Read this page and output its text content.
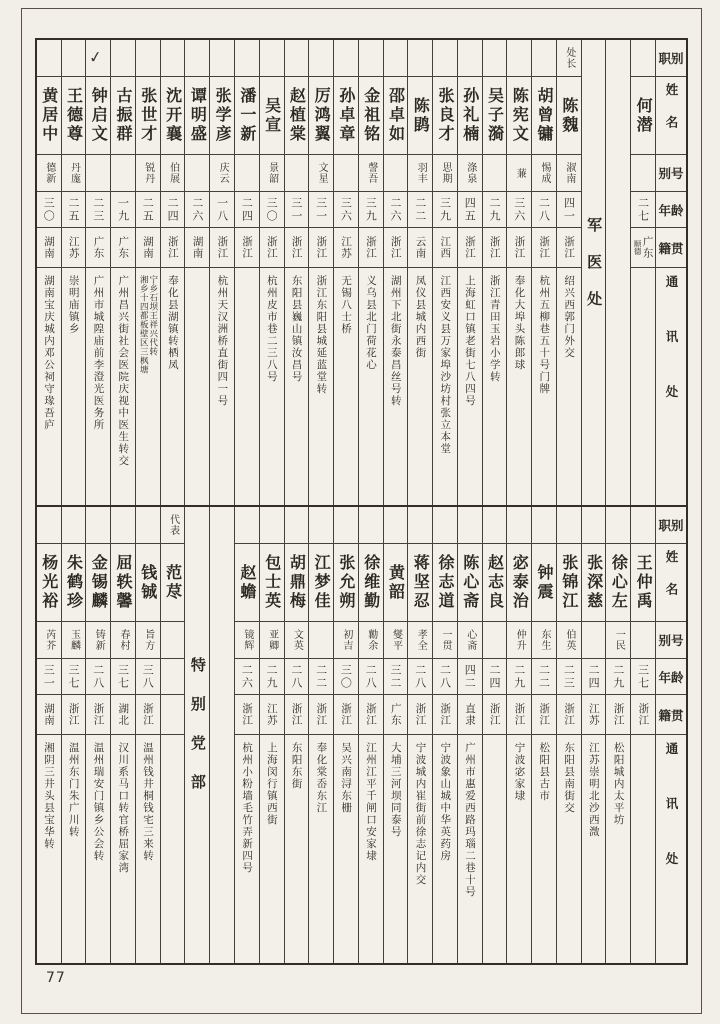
职别
姓名
别号
年龄
籍贯
通讯处
何潜
二七
广东
顺德
军医处
处长
陈魏
淑南
四一
浙江
绍兴西郭门外交
胡曾镛
惕成
二八
浙江
杭州五柳巷五十号门牌
陈宪文
蒹
三六
浙江
奉化大埠头陈郎球
吴子漪
二九
浙江
浙江青田玉岩小学转
孙礼楠
涤泉
四五
浙江
上海虹口镇老街七八四号
张良才
思期
三九
江西
江西安义县万家埠沙坊村张立本堂
陈鹍
羽丰
二二
云南
凤仪县城内西街
邵卓如
二六
浙江
湖州下北街永泰昌丝号转
金祖铭
謦吾
三九
浙江
义乌县北门荷花心
孙卓章
三六
江苏
无锡八士桥
厉鸿翼
文星
三一
浙江
浙江东阳县城延蓝堂转
赵植棠
三一
浙江
东阳县巍山镇汝昌号
吴宣
景韶
三〇
浙江
杭州皮市巷二三八号
潘一新
二四
浙江
张学彦
庆云
一八
浙江
杭州天汉洲桥直街四一号
谭明盛
二六
湖南
沈开襄
伯展
二四
浙江
奉化县湖镇转栖凤
张世才
锐丹
二五
湖南
宁乡石坝王祥兴代转
湘乡十四都板壁区三枫塘
古振群
一九
广东
广州昌兴街社会医院庆视中医生转交
✓
钟启文
二三
广东
广州市城隍庙前李澄光医务所
王德尊
丹庬
二五
江苏
崇明庙镇乡
黄居中
德新
三〇
湖南
湖南宝庆城内邓公祠守瑑吾庐
职别
姓名
别号
年龄
籍贯
通讯处
王仲禹
三七
浙江
徐心左
一民
二九
浙江
松阳城内太平坊
张深慈
二四
江苏
江苏崇明北沙西溦
张锦江
伯英
二三
浙江
东阳县南街交
钟震
东生
二二
浙江
松阳县古市
宓泰治
仲升
二九
浙江
宁波宓家埭
赵志良
二四
浙江
陈心斋
心斋
四二
直隶
广州市惠爱西路玛瑙二巷十号
徐志道
一贯
二八
浙江
宁波象山城中华英药房
蒋坚忍
孝全
二八
浙江
宁波城内崔街前徐志记内交
黄韶
燮平
三二
广东
大埔三河坝同泰号
徐维勤
勷余
二八
浙江
江州江平千闸口安家埭
张允朔
初吉
三〇
浙江
吴兴南浔东栅
江梦佳
二二
浙江
奉化棠岙东江
胡鼎梅
文英
二八
浙江
东阳东街
包士英
亚卿
二九
江苏
上海闵行镇西街
赵蟾
镜辉
二六
浙江
杭州小粉墙毛竹弄新四号
特别党部
代表
范荩
钱铖
旨方
三八
浙江
温州钱井桐钱宅三来转
屈轶馨
春村
三七
湖北
汉川系马口转官桥屈家湾
金锡麟
铸新
二八
浙江
温州瑞安门镇乡公会转
朱鹤珍
玉麟
三七
浙江
温州东门朱广川转
杨光裕
芮芥
三一
湖南
湘阴三井头县宝华转
77
